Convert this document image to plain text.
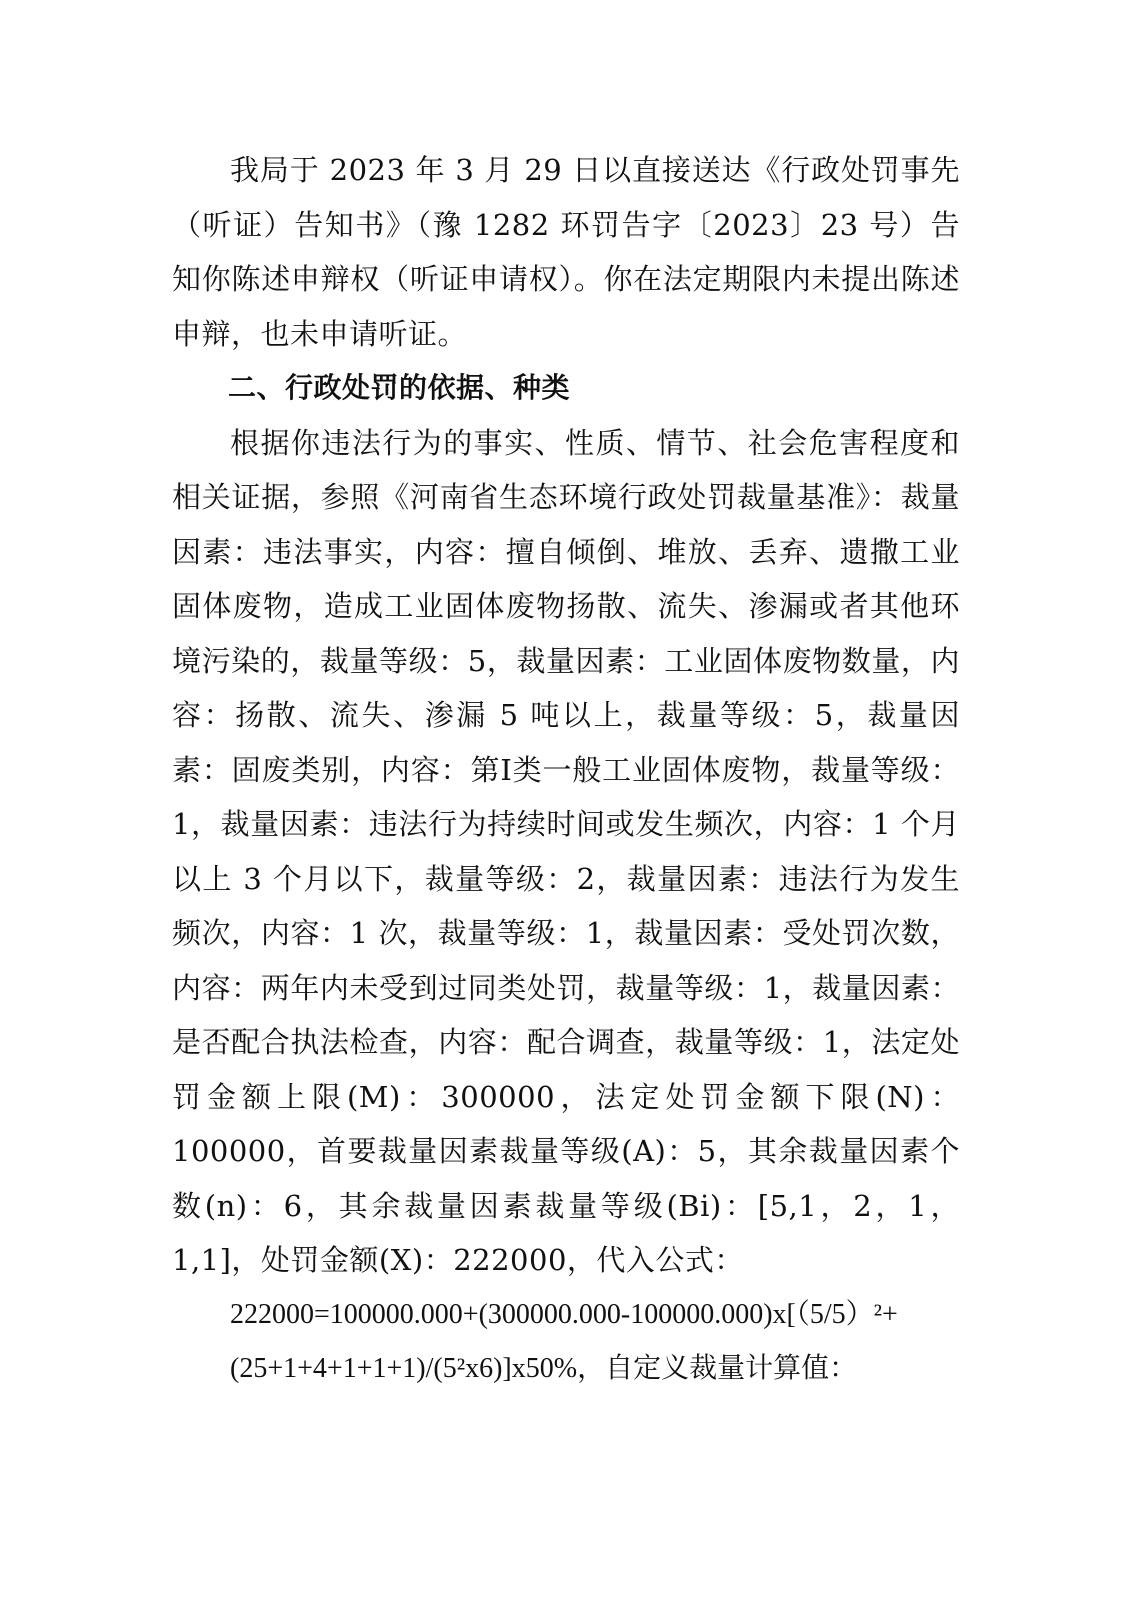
我局于 2023 年 3 月 29 日以直接送达《行政处罚事先（听证）告知书》（豫 1282 环罚告字〔2023〕23 号）告知你陈述申辩权（听证申请权）。你在法定期限内未提出陈述申辩，也未申请听证。

二、行政处罚的依据、种类

根据你违法行为的事实、性质、情节、社会危害程度和相关证据，参照《河南省生态环境行政处罚裁量基准》：裁量因素：违法事实，内容：擅自倾倒、堆放、丢弃、遗撒工业固体废物，造成工业固体废物扬散、流失、渗漏或者其他环境污染的，裁量等级：5，裁量因素：工业固体废物数量，内容：扬散、流失、渗漏 5 吨以上，裁量等级：5，裁量因素：固废类别，内容：第I类一般工业固体废物，裁量等级：1，裁量因素：违法行为持续时间或发生频次，内容：1 个月以上 3 个月以下，裁量等级：2，裁量因素：违法行为发生频次，内容：1 次，裁量等级：1，裁量因素：受处罚次数，内容：两年内未受到过同类处罚，裁量等级：1，裁量因素：是否配合执法检查，内容：配合调查，裁量等级：1，法定处罚金额上限(M)：300000，法定处罚金额下限(N)：100000，首要裁量因素裁量等级(A)：5，其余裁量因素个数(n)：6，其余裁量因素裁量等级(Bi)：[5,1，2，1，1,1]，处罚金额(X)：222000，代入公式：

222000=100000.000+(300000.000-100000.000)x[（5/5）²+(25+1+4+1+1+1)/(5²x6)]x50%，自定义裁量计算值：
